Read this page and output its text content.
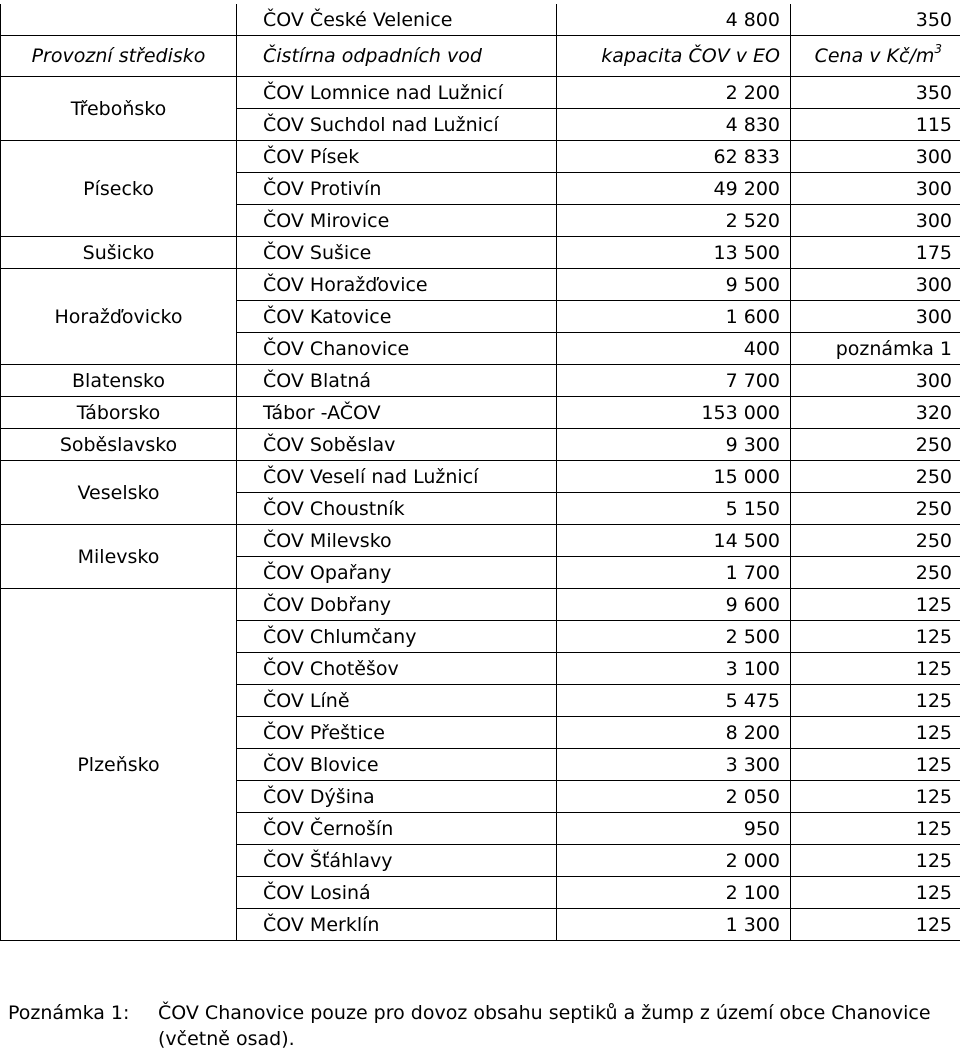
	ČOV České Velenice	4 800	350
Provozní středisko	Čistírna odpadních vod	kapacita ČOV v EO	Cena v $Kč/m^3$
Třeboňsko	ČOV Lomnice nad Lužnicí	2 200	350
	ČOV Suchdol nad Lužnicí	4 830	115
Písecko	ČOV Písek	62 833	300
	ČOV Protivín	49 200	300
	ČOV Mirovice	2 520	300
Sušicko	ČOV Sušice	13 500	175
Horažďovicko	ČOV Horažďovice	9 500	300
	ČOV Katovice	1 600	300
	ČOV Chanovice	400	poznámka 1
Blatensko	ČOV Blatná	7 700	300
Táborsko	Tábor -AČOV	153 000	320
Soběslavsko	ČOV Soběslav	9 300	250
Veselsko	ČOV Veselí nad Lužnicí	15 000	250
	ČOV Choustník	5 150	250
Milevsko	ČOV Milevsko	14 500	250
	ČOV Opařany	1 700	250
Plzeňsko	ČOV Dobřany	9 600	125
	ČOV Chlumčany	2 500	125
	ČOV Chotěšov	3 100	125
	ČOV Líně	5 475	125
	ČOV Přeštice	8 200	125
	ČOV Blovice	3 300	125
	ČOV Dýšina	2 050	125
	ČOV Černošín	950	125
	ČOV Šťáhlavy	2 000	125
	ČOV Losiná	2 100	125
	ČOV Merklín	1 300	125
Poznámka 1: ČOV Chanovice pouze pro dovoz obsahu septiků a žump z území obce Chanovice (včetně osad).
